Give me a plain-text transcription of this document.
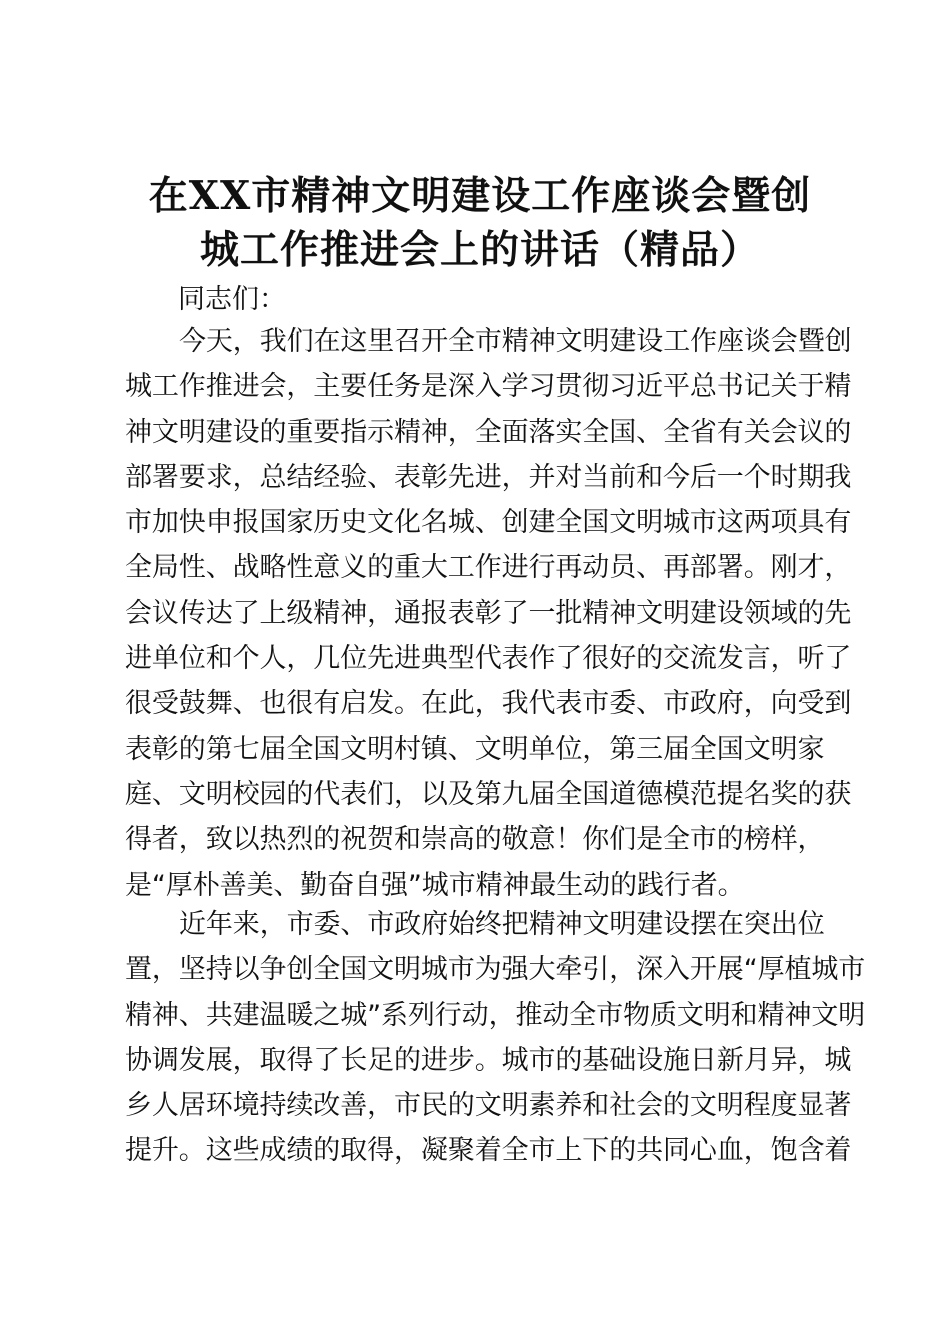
在XX市精神文明建设工作座谈会暨创
城工作推进会上的讲话（精品）
同志们：
今天，我们在这里召开全市精神文明建设工作座谈会暨创
城工作推进会，主要任务是深入学习贯彻习近平总书记关于精
神文明建设的重要指示精神，全面落实全国、全省有关会议的
部署要求，总结经验、表彰先进，并对当前和今后一个时期我
市加快申报国家历史文化名城、创建全国文明城市这两项具有
全局性、战略性意义的重大工作进行再动员、再部署。刚才，
会议传达了上级精神，通报表彰了一批精神文明建设领域的先
进单位和个人，几位先进典型代表作了很好的交流发言，听了
很受鼓舞、也很有启发。在此，我代表市委、市政府，向受到
表彰的第七届全国文明村镇、文明单位，第三届全国文明家
庭、文明校园的代表们，以及第九届全国道德模范提名奖的获
得者，致以热烈的祝贺和崇高的敬意！你们是全市的榜样，
是“厚朴善美、勤奋自强”城市精神最生动的践行者。
近年来，市委、市政府始终把精神文明建设摆在突出位
置，坚持以争创全国文明城市为强大牵引，深入开展“厚植城市
精神、共建温暖之城”系列行动，推动全市物质文明和精神文明
协调发展，取得了长足的进步。城市的基础设施日新月异，城
乡人居环境持续改善，市民的文明素养和社会的文明程度显著
提升。这些成绩的取得，凝聚着全市上下的共同心血，饱含着
